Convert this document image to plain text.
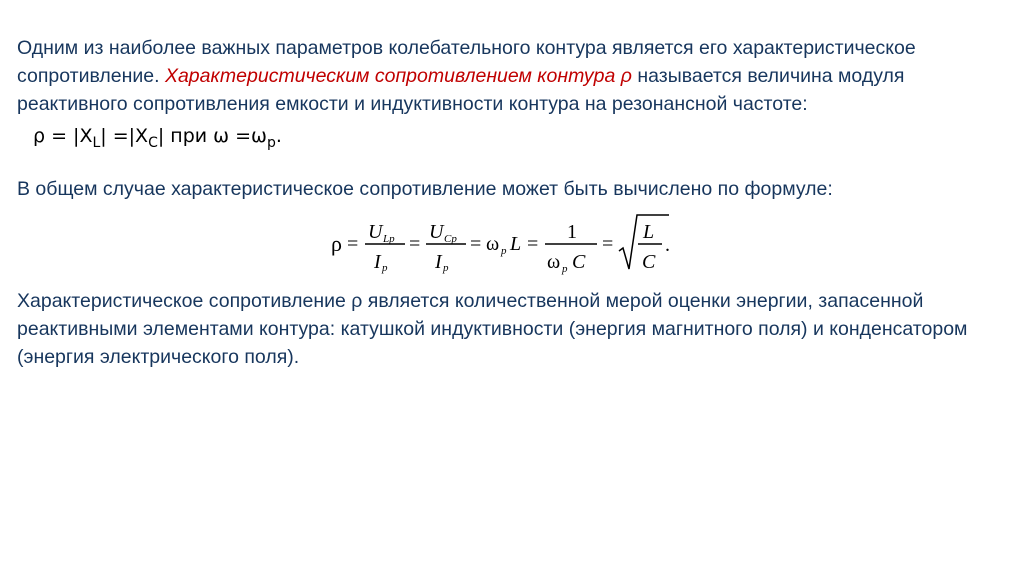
Одним из наиболее важных параметров колебательного контура является его характеристическое сопротивление. Характеристическим сопротивлением контура ρ называется величина модуля реактивного сопротивления емкости и индуктивности контура на резонансной частоте: $\rho = |X_L| =|X_C|$ при $\omega =\omega_р$.
В общем случае характеристическое сопротивление может быть вычислено по формуле:
ρ =
U Lр
I р
=
U Cр
I р
= ω р L =
1
ω р C
=
L
C
.
Характеристическое сопротивление ρ является количественной мерой оценки энергии, запасенной реактивными элементами контура: катушкой индуктивности (энергия магнитного поля) и конденсатором (энергия электрического поля).
